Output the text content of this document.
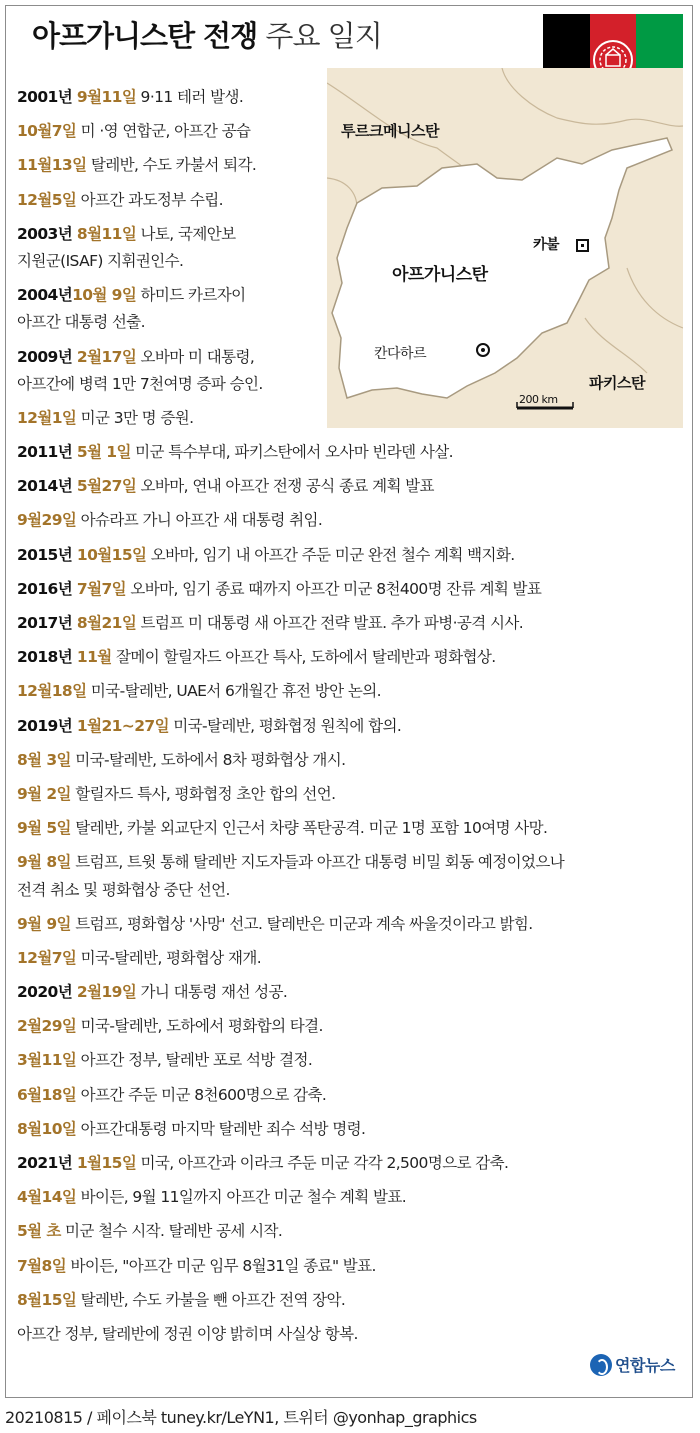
아프가니스탄 전쟁 주요 일지
투르크메니스탄
아프가니스탄
카불
칸다하르
파키스탄
200 km
2001년 9월11일 9·11 테러 발생.
10월7일 미 ·영 연합군, 아프간 공습
11월13일 탈레반, 수도 카불서 퇴각.
12월5일 아프간 과도정부 수립.
2003년 8월11일 나토, 국제안보
지원군(ISAF) 지휘권인수.
2004년10월 9일 하미드 카르자이
아프간 대통령 선출.
2009년 2월17일 오바마 미 대통령,
아프간에 병력 1만 7천여명 증파 승인.
12월1일 미군 3만 명 증원.
2011년 5월 1일 미군 특수부대, 파키스탄에서 오사마 빈라덴 사살.
2014년 5월27일 오바마, 연내 아프간 전쟁 공식 종료 계획 발표
9월29일 아슈라프 가니 아프간 새 대통령 취임.
2015년 10월15일 오바마, 임기 내 아프간 주둔 미군 완전 철수 계획 백지화.
2016년 7월7일 오바마, 임기 종료 때까지 아프간 미군 8천400명 잔류 계획 발표
2017년 8월21일 트럼프 미 대통령 새 아프간 전략 발표. 추가 파병·공격 시사.
2018년 11월 잘메이 할릴자드 아프간 특사, 도하에서 탈레반과 평화협상.
12월18일 미국-탈레반, UAE서 6개월간 휴전 방안 논의.
2019년 1월21∼27일 미국-탈레반, 평화협정 원칙에 합의.
8월 3일 미국-탈레반, 도하에서 8차 평화협상 개시.
9월 2일 할릴자드 특사, 평화협정 초안 합의 선언.
9월 5일 탈레반, 카불 외교단지 인근서 차량 폭탄공격. 미군 1명 포함 10여명 사망.
9월 8일 트럼프, 트윗 통해 탈레반 지도자들과 아프간 대통령 비밀 회동 예정이었으나
전격 취소 및 평화협상 중단 선언.
9월 9일 트럼프, 평화협상 '사망' 선고. 탈레반은 미군과 계속 싸울것이라고 밝힘.
12월7일 미국-탈레반, 평화협상 재개.
2020년 2월19일 가니 대통령 재선 성공.
2월29일 미국-탈레반, 도하에서 평화합의 타결.
3월11일 아프간 정부, 탈레반 포로 석방 결정.
6월18일 아프간 주둔 미군 8천600명으로 감축.
8월10일 아프간대통령 마지막 탈레반 죄수 석방 명령.
2021년 1월15일 미국, 아프간과 이라크 주둔 미군 각각 2,500명으로 감축.
4월14일 바이든, 9월 11일까지 아프간 미군 철수 계획 발표.
5월 초 미군 철수 시작. 탈레반 공세 시작.
7월8일 바이든, "아프간 미군 임무 8월31일 종료" 발표.
8월15일 탈레반, 수도 카불을 뺀 아프간 전역 장악.
아프간 정부, 탈레반에 정권 이양 밝히며 사실상 항복.
연합뉴스
20210815 / 페이스북 tuney.kr/LeYN1, 트위터 @yonhap_graphics
